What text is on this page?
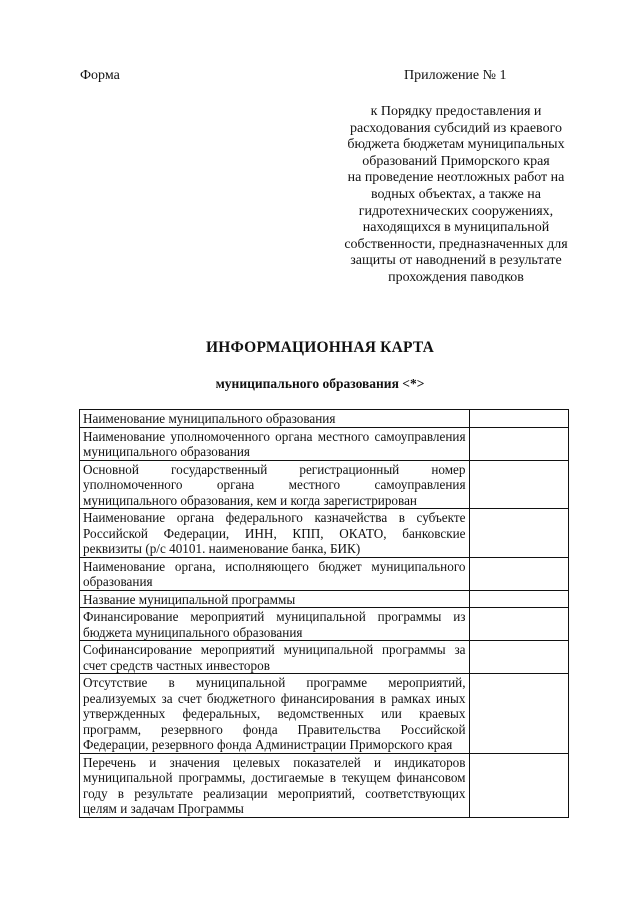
Форма	Приложение № 1
к Порядку предоставления и
расходования субсидий из краевого
бюджета бюджетам муниципальных
образований Приморского края
на проведение неотложных работ на
водных объектах, а также на
гидротехнических сооружениях,
находящихся в муниципальной
собственности, предназначенных для
защиты от наводнений в результате
прохождения паводков
ИНФОРМАЦИОННАЯ КАРТА
муниципального образования <*>
Наименование муниципального образования	
Наименование уполномоченного органа местного самоуправления муниципального образования	
Основной государственный регистрационный номер уполномоченного органа местного самоуправления муниципального образования, кем и когда зарегистрирован	
Наименование органа федерального казначейства в субъекте Российской Федерации, ИНН, КПП, ОКАТО, банковские реквизиты (р/с 40101. наименование банка, БИК)	
Наименование органа, исполняющего бюджет муниципального образования	
Название муниципальной программы	
Финансирование мероприятий муниципальной программы из бюджета муниципального образования	
Софинансирование мероприятий муниципальной программы за счет средств частных инвесторов	
Отсутствие в муниципальной программе мероприятий, реализуемых за счет бюджетного финансирования в рамках иных утвержденных федеральных, ведомственных или краевых программ, резервного фонда Правительства Российской Федерации, резервного фонда Администрации Приморского края	
Перечень и значения целевых показателей и индикаторов муниципальной программы, достигаемые в текущем финансовом году в результате реализации мероприятий, соответствующих целям и задачам Программы	
